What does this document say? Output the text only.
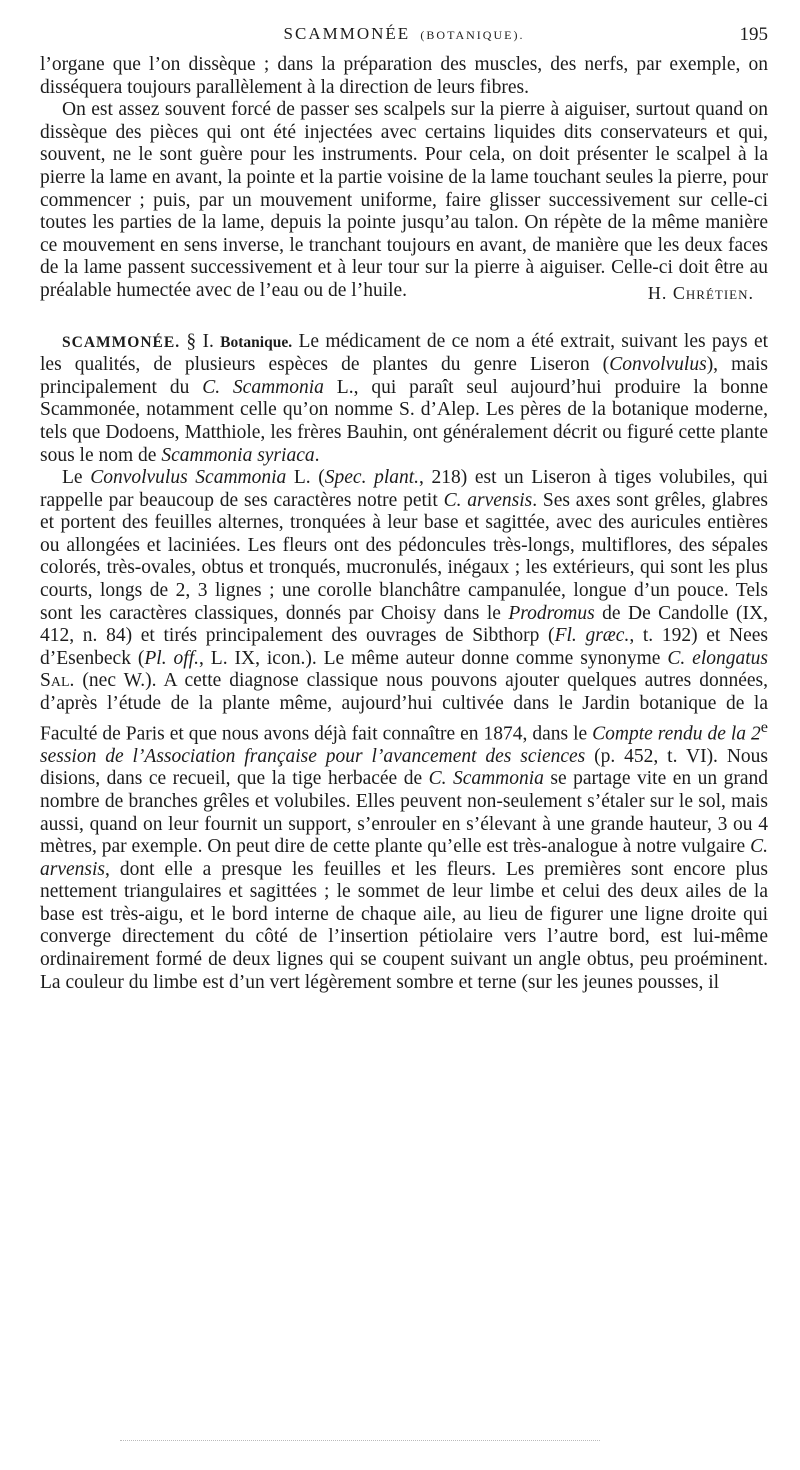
SCAMMONÉE (BOTANIQUE).	195

l’organe que l’on dissèque ; dans la préparation des muscles, des nerfs, par exemple, on disséquera toujours parallèlement à la direction de leurs fibres.

On est assez souvent forcé de passer ses scalpels sur la pierre à aiguiser, surtout quand on dissèque des pièces qui ont été injectées avec certains liquides dits conservateurs et qui, souvent, ne le sont guère pour les instruments. Pour cela, on doit présenter le scalpel à la pierre la lame en avant, la pointe et la partie voisine de la lame touchant seules la pierre, pour commencer ; puis, par un mouvement uniforme, faire glisser successivement sur celle-ci toutes les parties de la lame, depuis la pointe jusqu’au talon. On répète de la même manière ce mouvement en sens inverse, le tranchant toujours en avant, de manière que les deux faces de la lame passent successivement et à leur tour sur la pierre à aiguiser. Celle-ci doit être au préalable humectée avec de l’eau ou de l’huile.	H. Chrétien.

SCAMMONÉE. § I. Botanique. Le médicament de ce nom a été extrait, suivant les pays et les qualités, de plusieurs espèces de plantes du genre Liseron (Convolvulus), mais principalement du C. Scammonia L., qui paraît seul aujourd’hui produire la bonne Scammonée, notamment celle qu’on nomme S. d’Alep. Les pères de la botanique moderne, tels que Dodoens, Matthiole, les frères Bauhin, ont généralement décrit ou figuré cette plante sous le nom de Scammonia syriaca.

Le Convolvulus Scammonia L. (Spec. plant., 218) est un Liseron à tiges volubiles, qui rappelle par beaucoup de ses caractères notre petit C. arvensis. Ses axes sont grêles, glabres et portent des feuilles alternes, tronquées à leur base et sagittée, avec des auricules entières ou allongées et laciniées. Les fleurs ont des pédoncules très-longs, multiflores, des sépales colorés, très-ovales, obtus et tronqués, mucronulés, inégaux ; les extérieurs, qui sont les plus courts, longs de 2, 3 lignes ; une corolle blanchâtre campanulée, longue d’un pouce. Tels sont les caractères classiques, donnés par Choisy dans le Prodromus de De Candolle (IX, 412, n. 84) et tirés principalement des ouvrages de Sibthorp (Fl. græc., t. 192) et Nees d’Esenbeck (Pl. off., L. IX, icon.). Le même auteur donne comme synonyme C. elongatus Sal. (nec W.). A cette diagnose classique nous pouvons ajouter quelques autres données, d’après l’étude de la plante même, aujourd’hui cultivée dans le Jardin botanique de la Faculté de Paris et que nous avons déjà fait connaître en 1874, dans le Compte rendu de la 2e session de l’Association française pour l’avancement des sciences (p. 452, t. VI). Nous disions, dans ce recueil, que la tige herbacée de C. Scammonia se partage vite en un grand nombre de branches grêles et volubiles. Elles peuvent non-seulement s’étaler sur le sol, mais aussi, quand on leur fournit un support, s’enrouler en s’élevant à une grande hauteur, 3 ou 4 mètres, par exemple. On peut dire de cette plante qu’elle est très-analogue à notre vulgaire C. arvensis, dont elle a presque les feuilles et les fleurs. Les premières sont encore plus nettement triangulaires et sagittées ; le sommet de leur limbe et celui des deux ailes de la base est très-aigu, et le bord interne de chaque aile, au lieu de figurer une ligne droite qui converge directement du côté de l’insertion pétiolaire vers l’autre bord, est lui-même ordinairement formé de deux lignes qui se coupent suivant un angle obtus, peu proéminent. La couleur du limbe est d’un vert légèrement sombre et terne (sur les jeunes pousses, il
